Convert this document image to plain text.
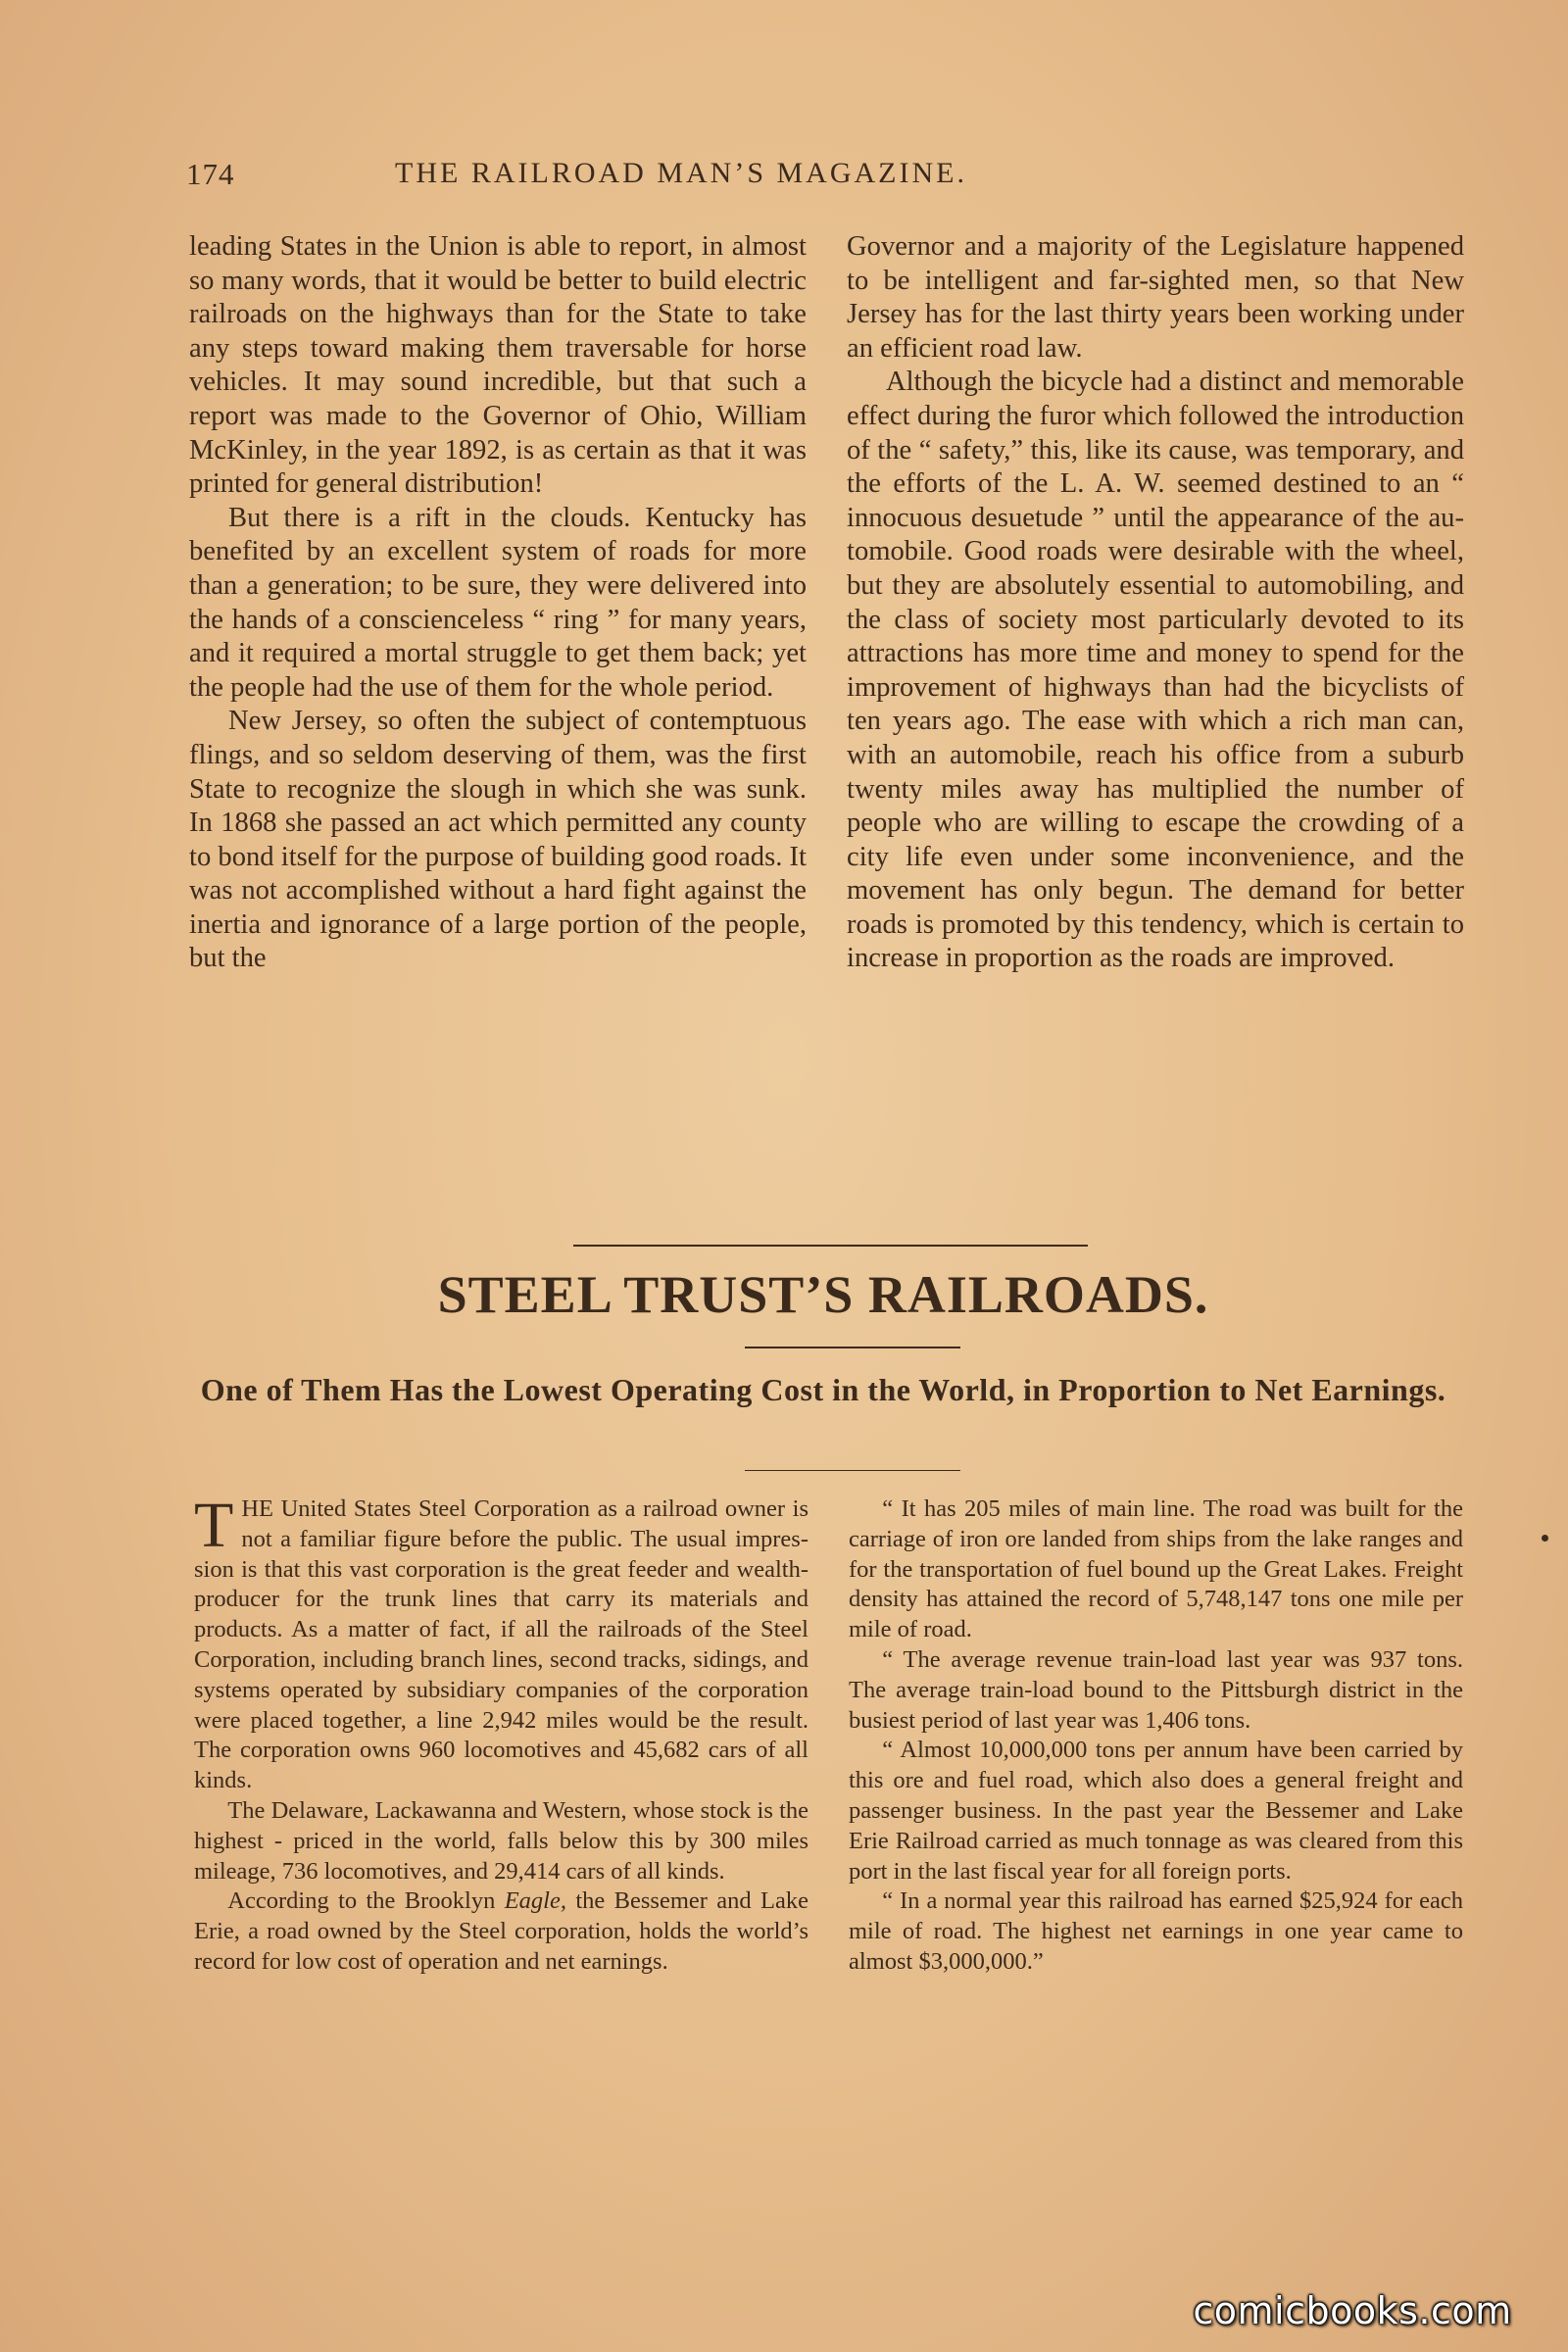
174	THE RAILROAD MAN’S MAGAZINE.

leading States in the Union is able to report, in almost so many words, that it would be better to build electric railroads on the highways than for the State to take any steps toward making them traversable for horse vehicles. It may sound incredible, but that such a report was made to the Governor of Ohio, William McKinley, in the year 1892, is as certain as that it was printed for general distribution!

But there is a rift in the clouds. Kentucky has benefited by an excellent system of roads for more than a generation; to be sure, they were delivered into the hands of a conscienceless “ ring ” for many years, and it required a mortal struggle to get them back; yet the people had the use of them for the whole period.

New Jersey, so often the subject of contemptuous flings, and so seldom deserving of them, was the first State to recognize the slough in which she was sunk. In 1868 she passed an act which permitted any county to bond itself for the purpose of building good roads. It was not accomplished without a hard fight against the inertia and ignorance of a large portion of the people, but the

Governor and a majority of the Legislature happened to be intelligent and far-sighted men, so that New Jersey has for the last thirty years been working under an efficient road law.

Although the bicycle had a distinct and memorable effect during the furor which followed the introduction of the “ safety,” this, like its cause, was temporary, and the efforts of the L. A. W. seemed destined to an “ innocuous desuetude ” until the appearance of the automobile. Good roads were desirable with the wheel, but they are absolutely essential to automobiling, and the class of society most particularly devoted to its attractions has more time and money to spend for the improvement of highways than had the bicyclists of ten years ago. The ease with which a rich man can, with an automobile, reach his office from a suburb twenty miles away has multiplied the number of people who are willing to escape the crowding of a city life even under some inconvenience, and the movement has only begun. The demand for better roads is promoted by this tendency, which is certain to increase in proportion as the roads are improved.

STEEL TRUST’S RAILROADS.
One of Them Has the Lowest Operating Cost in the World, in Proportion to Net Earnings.

THE United States Steel Corporation as a railroad owner is not a familiar figure before the public. The usual impression is that this vast corporation is the great feeder and wealth-producer for the trunk lines that carry its materials and products. As a matter of fact, if all the railroads of the Steel Corporation, including branch lines, second tracks, sidings, and systems operated by subsidiary companies of the corporation were placed together, a line 2,942 miles would be the result. The corporation owns 960 locomotives and 45,682 cars of all kinds.

The Delaware, Lackawanna and Western, whose stock is the highest - priced in the world, falls below this by 300 miles mileage, 736 locomotives, and 29,414 cars of all kinds.

According to the Brooklyn Eagle, the Bessemer and Lake Erie, a road owned by the Steel corporation, holds the world’s record for low cost of operation and net earnings.

“ It has 205 miles of main line. The road was built for the carriage of iron ore landed from ships from the lake ranges and for the transportation of fuel bound up the Great Lakes. Freight density has attained the record of 5,748,147 tons one mile per mile of road.

“ The average revenue train-load last year was 937 tons. The average train-load bound to the Pittsburgh district in the busiest period of last year was 1,406 tons.

“ Almost 10,000,000 tons per annum have been carried by this ore and fuel road, which also does a general freight and passenger business. In the past year the Bessemer and Lake Erie Railroad carried as much tonnage as was cleared from this port in the last fiscal year for all foreign ports.

“ In a normal year this railroad has earned $25,924 for each mile of road. The highest net earnings in one year came to almost $3,000,000.”

comicbooks.com
